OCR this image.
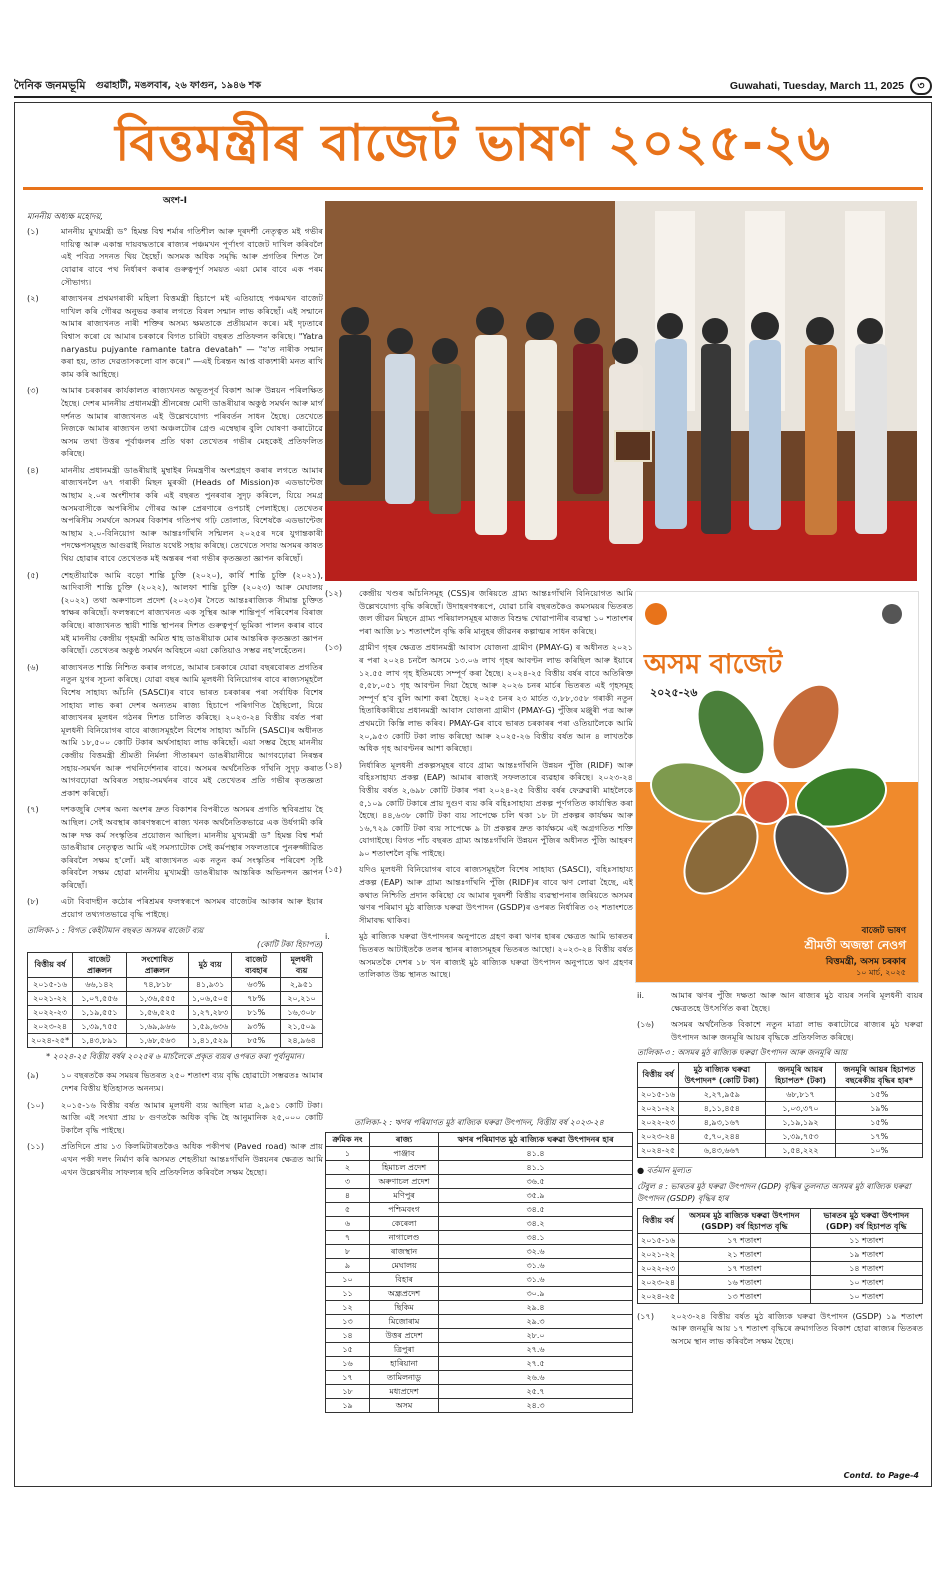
দৈনিক জনমভূমি গুৱাহাটী, মঙলবাৰ, ২৬ ফাগুন, ১৯৪৬ শক	Guwahati, Tuesday, March 11, 2025	৩
বিত্তমন্ত্ৰীৰ বাজেট ভাষণ ২০২৫-২৬
অংশ-I
মাননীয় অধ্যক্ষ মহোদয়,
(১)	মাননীয় মুখ্যমন্ত্ৰী ড° হিমন্ত বিশ্ব শৰ্মাৰ গতিশীল আৰু দূৰদৰ্শী নেতৃত্বত মই গভীৰ দায়িত্ব আৰু একান্ত দায়বদ্ধতাৰে ৰাজ্যৰ পঞ্চমখন পূৰ্ণাংগ বাজেট দাখিল কৰিবলৈ এই পবিত্ৰ সদনত থিয় হৈছোঁ। অসমক অধিক সমৃদ্ধি আৰু প্ৰগতিৰ দিশত লৈ যোৱাৰ বাবে পথ নিৰ্ধাৰণ কৰাৰ গুৰুত্বপূৰ্ণ সময়ত এয়া মোৰ বাবে এক পৰম সৌভাগ্য।
(২)	ৰাজ্যখনৰ প্ৰথমগৰাকী মহিলা বিত্তমন্ত্ৰী হিচাপে মই এতিয়াহে পঞ্চমখন বাজেট দাখিল কৰি গৌৰৱ অনুভৱ কৰাৰ লগতে বিৰল সন্মান লাভ কৰিছোঁ। এই সন্মানে আমাৰ ৰাজ্যখনত নাৰী শক্তিৰ অসম্য ক্ষমতাকে প্ৰতীয়মান কৰে। মই দৃঢ়তাৰে বিশ্বাস কৰো যে আমাৰ চৰকাৰে বিগত চাৰিটা বছৰত প্ৰতিফলন কৰিছে। "Yatra naryastu pujyante ramante tatra devatah" — "য'ত নাৰীক সন্মান কৰা হয়, তাত দেৱতাসকলো বাস কৰে।" —এই চিৰন্তন আপ্ত বাক্যশাৰী মনত ৰাখি কাম কৰি আহিছে।
(৩)	আমাৰ চৰকাৰৰ কাৰ্যকালত ৰাজ্যখনত অভূতপূৰ্ব বিকাশ আৰু উন্নয়ন পৰিলক্ষিত হৈছে। দেশৰ মাননীয় প্ৰধানমন্ত্ৰী শ্ৰীনৰেন্দ্ৰ মোদী ডাঙৰীয়াৰ অকুণ্ঠ সমৰ্থন আৰু মাৰ্গ দৰ্শনত আমাৰ ৰাজ্যখনত এই উল্লেখযোগ্য পৰিবৰ্তন সাধন হৈছে। তেখেতে নিজকে আমাৰ ৰাজ্যখন তথা অঞ্চলটোৰ গ্ৰেণ্ড এম্বেছাৰ বুলি ঘোষণা কৰাটোৱে অসম তথা উত্তৰ পূৰ্বাঞ্চলৰ প্ৰতি থকা তেখেতৰ গভীৰ মেহকেই প্ৰতিফলিত কৰিছে।
(৪)	মাননীয় প্ৰধানমন্ত্ৰী ডাঙৰীয়াই মুম্বাইৰ নিমন্ত্ৰণীৰ অংশগ্ৰহণ কৰাৰ লগতে আমাৰ ৰাজ্যখনলৈ ৬৭ গৰাকী মিছন মুৰব্বী (Heads of Mission)ক এডভান্টেজ আছাম ২.০ৰ অংশীদাৰ কৰি এই বছৰত পুনৰবাৰ সুদৃঢ় কৰিলে, যিয়ে সমগ্ৰ অসমবাসীকে অপৰিসীম গৌৰৱ আৰু প্ৰেৰণাৰে ওপচাই পেলাইছে। তেখেতৰ অপৰিসীম সমৰ্থনে অসমৰ বিকাশৰ গতিপথ গঢ়ি তোলাত, বিশেষকৈ এডভান্টেজ আছাম ২.০-বিনিয়োগ আৰু আন্তঃগাঁথনি সন্মিলন ২০২৫ৰ দৰে যুগান্তকাৰী পদক্ষেপসমূহত আগুৱাই নিয়াত যথেষ্ট সহায় কৰিছে। তেখেতে সদায় অসমৰ কাষত থিয় হোৱাৰ বাবে তেখেতক মই অন্তৰৰ পৰা গভীৰ কৃতজ্ঞতা জ্ঞাপন কৰিছোঁ।
(৫)	শেহতীয়াকৈ আমি বড়ো শান্তি চুক্তি (২০২০), কাৰ্বি শান্তি চুক্তি (২০২১), আদিবাসী শান্তি চুক্তি (২০২২), আলফা শান্তি চুক্তি (২০২৩) আৰু মেঘালয় (২০২২) তথা অৰুণাচল প্ৰদেশ (২০২৩)ৰ সৈতে আন্তঃৰাজ্যিক সীমান্ত চুক্তিত স্বাক্ষৰ কৰিছোঁ। ফলস্বৰূপে ৰাজ্যখনত এক সুস্থিৰ আৰু শান্তিপূৰ্ণ পৰিবেশৰ বিৰাজ কৰিছে। ৰাজ্যখনত স্থায়ী শান্তি স্থাপনৰ দিশত গুৰুত্বপূৰ্ণ ভূমিকা পালন কৰাৰ বাবে মই মাননীয় কেন্দ্ৰীয় গৃহমন্ত্ৰী অমিত শ্বাহ ডাঙৰীয়াক মোৰ আন্তৰিক কৃতজ্ঞতা জ্ঞাপন কৰিছোঁ। তেখেতৰ অকুণ্ঠ সমৰ্থন অবিহনে এয়া কেতিয়াও সম্ভৱ নহ'লহেঁতেন।
(৬)	ৰাজ্যখনত শান্তি নিশ্চিত কৰাৰ লগতে, আমাৰ চৰকাৰে যোৱা বছৰবোৰত প্ৰগতিৰ নতুন যুগৰ সূচনা কৰিছে। যোৱা বছৰ আমি মূলধনী বিনিয়োগৰ বাবে ৰাজ্যসমূহলৈ বিশেষ সাহায্য আঁচনি (SASCI)ৰ বাবে ভাৰত চৰকাৰৰ পৰা সৰ্বাধিক বিশেষ সাহায্য লাভ কৰা দেশৰ অন্যতম ৰাজ্য হিচাপে পৰিগণিত হৈছিলো, যিয়ে ৰাজ্যখনৰ মূলধন গঠনৰ দিশত চালিত কৰিছে। ২০২৩-২৪ বিত্তীয় বৰ্ষত পৰা মূলধনী বিনিয়োগৰ বাবে ৰাজ্যসমূহলৈ বিশেষ সাহায্য আঁচনি (SASCI)ৰ অধীনত আমি ১৮,৫০০ কোটি টকাৰ অৰ্থসাহায্য লাভ কৰিছোঁ। এয়া সম্ভৱ হৈছে মাননীয় কেন্দ্ৰীয় বিত্তমন্ত্ৰী শ্ৰীমতী নিৰ্মলা সীতাৰমণ ডাঙৰীয়ানীয়ে আগবঢ়োৱা নিৰন্তৰ সহায়-সমৰ্থন আৰু পথনিৰ্দেশনাৰ বাবে। অসমৰ অৰ্থনৈতিক গাঁথনি সুদৃঢ় কৰাত আগবঢ়োৱা অবিৰত সহায়-সমৰ্থনৰ বাবে মই তেখেতৰ প্ৰতি গভীৰ কৃতজ্ঞতা প্ৰকাশ কৰিছোঁ।
(৭)	দশকজুৰি দেশৰ অন্য অংশৰ দ্ৰুত বিকাশৰ বিপৰীতে অসমৰ প্ৰগতি স্থবিৰপ্ৰায় হৈ আছিল। সেই অবস্থাৰ কাৰণস্বৰূপে ৰাজ্য খনক অৰ্থনৈতিকভাৱে এক উৰ্ধগামী কৰি আৰু দক্ষ কৰ্ম সংস্কৃতিৰ প্ৰয়োজন আছিল। মাননীয় মুখ্যমন্ত্ৰী ড° হিমন্ত বিশ্ব শৰ্মা ডাঙৰীয়াৰ নেতৃত্বত আমি এই সমস্যাটোক সেই কৰ্মপন্থাৰ সফলতাৰে পুনৰুজ্জীৱিত কৰিবলৈ সক্ষম হ'লোঁ। মই ৰাজ্যখনত এক নতুন কৰ্ম সংস্কৃতিৰ পৰিবেশ সৃষ্টি কৰিবলৈ সক্ষম হোৱা মাননীয় মুখ্যমন্ত্ৰী ডাঙৰীয়াক আন্তৰিক অভিনন্দন জ্ঞাপন কৰিছোঁ।
(৮)	এটা বিবাদহীন কঠোৰ পৰিশ্ৰমৰ ফলস্বৰূপে অসমৰ বাজেটৰ আকাৰ আৰু ইয়াৰ প্ৰয়োগ তথ্যগতভাৱে বৃদ্ধি পাইছে।
তালিকা-১ : বিগত কেইটামান বছৰত অসমৰ বাজেট ব্যয়
(কোটি টকা হিচাপত)
বিত্তীয় বৰ্ষ	বাজেট প্ৰাক্কলন	সংশোধিত প্ৰাক্কলন	মুঠ ব্যয়	বাজেট ব্যবহাৰ	মূলধনী ব্যয়
২০১৫-১৬	৬৬,১৪২	৭৪,৮১৮	৪১,৯৩১	৬৩%	২,৯৫১
২০২১-২২	১,০৭,৫৫৬	১,৩৬,৫৫৫	১,০৬,৫০৫	৭৮%	২০,২১০
২০২২-২৩	১,১৯,৫৫১	১,৫৬,৫২৫	১,২৭,২৮৩	৮১%	১৬,৩০৮
২০২৩-২৪	১,৩৯,৭৫৫	১,৬৯,৯৬৬	১,৫৯,৬৩৬	৯৩%	২১,৫০৯
২০২৪-২৫*	১,৪৩,৮৯১	১,৬৮,৫৬৩	১,৪১,৫২৯	৮৫%	২৪,৯৬৪
* ২০২৪-২৫ বিত্তীয় বৰ্ষৰ ২০২৫ৰ ৬ মাৰ্চলৈকে প্ৰকৃত ব্যয়ৰ ওপৰত কৰা পূৰ্বানুমান।
(৯)	১০ বছৰতকৈ কম সময়ৰ ভিতৰত ২৫০ শতাংশ ব্যয় বৃদ্ধি হোৱাটো সম্ভৱতঃ আমাৰ দেশৰ বিত্তীয় ইতিহাসত অনন্যম।
(১০)	২০১৫-১৬ বিত্তীয় বৰ্ষত আমাৰ মূলধনী ব্যয় আছিল মাত্ৰ ২,৯৫১ কোটি টকা। আজি এই সংখ্যা প্ৰায় ৮ গুণতকৈ অধিক বৃদ্ধি হৈ আনুমানিক ২৫,০০০ কোটি টকালৈ বৃদ্ধি পাইছে।
(১১)	প্ৰতিদিনে প্ৰায় ১৩ কিলমিটাৰতকৈও অধিক পকীপথ (Paved road) আৰু প্ৰায় এখন পকী দলং নিৰ্মাণ কৰি অসমত শেহতীয়া আন্তঃগাঁথনি উন্নয়নৰ ক্ষেত্ৰত আমি এখন উল্লেখনীয় সাফল্যৰ ছবি প্ৰতিফলিত কৰিবলৈ সক্ষম হৈছো।
(১২)	কেন্দ্ৰীয় খণ্ডৰ আঁচনিসমূহ (CSS)ৰ জৰিয়তে গ্ৰাম্য আন্তঃগাঁথনি বিনিয়োগত আমি উল্লেখযোগ্য বৃদ্ধি কৰিছোঁ। উদাহৰণস্বৰূপে, যোৱা চাৰি বছৰতকৈও কমসময়ৰ ভিতৰত জল জীৱন মিছনে গ্ৰাম্য পৰিয়ালসমূহৰ মাজত বিশুদ্ধ খোৱাপানীৰ ব্যৱস্থা ১০ শতাংশৰ পৰা আজি ৮১ শতাংশলৈ বৃদ্ধি কৰি মানুহৰ জীৱনৰ কল্পাত্মৰ সাধন কৰিছে।
(১৩)	গ্ৰামীণ গৃহৰ ক্ষেত্ৰত প্ৰধানমন্ত্ৰী আবাস যোজনা গ্ৰামীণ (PMAY-G) ৰ অধীনত ২০২১ ৰ পৰা ২০২৪ চনলৈ অসমে ১৩.০৬ লাখ গৃহৰ আবণ্টন লাভ কৰিছিল আৰু ইয়াৰে ১২.৫৫ লাখ গৃহ ইতিমধ্যে সম্পূৰ্ণ কৰা হৈছে। ২০২৪-২৫ বিত্তীয় বৰ্ষৰ বাবে অতিৰিক্ত ৫,৫৮,০৫১ গৃহ আবণ্টন দিয়া হৈছে আৰু ২০২৬ চনৰ মাৰ্চৰ ভিতৰত এই গৃহসমূহ সম্পূৰ্ণ হ'ব বুলি আশা কৰা হৈছে। ২০২৫ চনৰ ২৩ মাৰ্চত ৩,৮৮,৩৫৮ গৰাকী নতুন হিতাধিকাৰীয়ে প্ৰধানমন্ত্ৰী আবাস যোজনা গ্ৰামীণ (PMAY-G) পুঁজিৰ মঞ্জুৰী পত্ৰ আৰু প্ৰথমটো কিস্তি লাভ কৰিব। PMAY-Gৰ বাবে ভাৰত চৰকাৰৰ পৰা ওতিয়ালৈকে আমি ২০,৯৫৩ কোটি টকা লাভ কৰিছো আৰু ২০২৫-২৬ বিত্তীয় বৰ্ষত আন ৪ লাখতকৈ অধিক গৃহ আবণ্টনৰ আশা কৰিছো।
(১৪)	নিৰ্ধাৰিত মূলধনী প্ৰকল্পসমূহৰ বাবে গ্ৰাম্য আন্তঃগাঁথনি উন্নয়ন পুঁজি (RIDF) আৰু বহিঃসাহায্য প্ৰকল্প (EAP) আমাৰ ৰাজ্যই সফলতাৰে ব্যৱহাৰ কৰিছে। ২০২৩-২৪ বিত্তীয় বৰ্ষত ২,৬৯৮ কোটি টকাৰ পৰা ২০২৪-২৫ বিত্তীয় বৰ্ষৰ ফেব্ৰুৱাৰী মাহলৈকে ৫,১০৯ কোটি টকাৰে প্ৰায় দুগুণ ব্যয় কৰি বহিঃসাহায্য প্ৰকল্প পূৰ্ণগতিত কাৰ্যান্বিত কৰা হৈছে। ৪৪,৬৩৮ কোটি টকা ব্যয় সাপেক্ষে চলি থকা ১৮ টা প্ৰকল্পৰ কাৰ্যক্ষম আৰু ১৬,৭২৯ কোটি টকা ব্যয় সাপেক্ষে ৯ টা প্ৰকল্পৰ দ্ৰুত কাৰ্যক্ষমে এই অগ্ৰগতিত শক্তি যোগাইছে। বিগত পাঁচ বছৰত গ্ৰাম্য আন্তঃগাঁথনি উন্নয়ন পুঁজিৰ অধীনত পুঁজি আহৰণ ৯০ শতাংশলৈ বৃদ্ধি পাইছে।
(১৫)	যদিও মূলধনী বিনিয়োগৰ বাবে ৰাজ্যসমূহলৈ বিশেষ সাহায্য (SASCI), বহিঃসাহায্য প্ৰকল্প (EAP) আৰু গ্ৰাম্য আন্তঃগাঁথনি পুঁজি (RIDF)ৰ বাবে ঋণ লোৱা হৈছে, এই কথাত নিশ্চিতি প্ৰদান কৰিছো যে আমাৰ দুৰদৰ্শী বিত্তীয় ব্যৱস্থাপনাৰ জৰিয়তে অসমৰ ঋণৰ পৰিমাণ মুঠ ৰাজ্যিক ঘৰুৱা উৎপাদন (GSDP)ৰ ওপৰত নিৰ্ধাৰিত ৩২ শতাংশতে সীমাবদ্ধ থাকিব।
i.	মুঠ ৰাজ্যিক ঘৰুৱা উৎপাদনৰ অনুপাতে গ্ৰহণ কৰা ঋণৰ হাৰৰ ক্ষেত্ৰত আমি ভাৰতৰ ভিতৰত আটাইতকৈ তলৰ স্থানৰ ৰাজ্যসমূহৰ ভিতৰত আছো। ২০২৩-২৪ বিত্তীয় বৰ্ষত অসমতকৈ দেশৰ ১৮ খন ৰাজ্যই মুঠ ৰাজ্যিক ঘৰুৱা উৎপাদন অনুপাতে ঋণ গ্ৰহণৰ তালিকাত উচ্চ স্থানত আছে।
তালিকা-২ : ঋণৰ পৰিমাণত মুঠ ৰাজ্যিক ঘৰুৱা উৎপাদন, বিত্তীয় বৰ্ষ ২০২৩-২৪
ক্ৰমিক নং	ৰাজ্য	ঋণৰ পৰিমাণত মুঠ ৰাজ্যিক ঘৰুৱা উৎপাদনৰ হাৰ
১	পাঞ্জাব	৪১.৪
২	হিমাচল প্ৰদেশ	৪১.১
৩	অৰুণাচল প্ৰদেশ	৩৬.৫
৪	মণিপুৰ	৩৫.৯
৫	পশ্চিমবংগ	৩৪.৫
৬	কেৰেলা	৩৪.২
৭	নাগালেণ্ড	৩৪.১
৮	ৰাজস্থান	৩২.৬
৯	মেঘালয়	৩১.৬
১০	বিহাৰ	৩১.৬
১১	অন্ধ্ৰপ্ৰদেশ	৩০.৯
১২	ছিকিম	২৯.৪
১৩	মিজোৰাম	২৯.৩
১৪	উত্তৰ প্ৰদেশ	২৮.০
১৫	ত্ৰিপুৰা	২৭.৬
১৬	হাৰিয়ানা	২৭.৫
১৭	তামিলনাডু	২৬.৬
১৮	মধ্যপ্ৰদেশ	২৫.৭
১৯	অসম	২৪.৩
অসম বাজেট
২০২৫-২৬
বাজেট ভাষণ
শ্ৰীমতী অজন্তা নেওগ
বিত্তমন্ত্ৰী, অসম চৰকাৰ
১০ মাৰ্চ, ২০২৫
ii.	আমাৰ ঋণৰ পুঁজি দক্ষতা আৰু আন ৰাজ্যৰ মুঠ ব্যয়ৰ সনৰি মূলধনী ব্যয়ৰ ক্ষেত্ৰতহে উৎসৰ্গিত কৰা হৈছে।
(১৬)	অসমৰ অৰ্থনৈতিক বিকাশে নতুন মাত্ৰা লাভ কৰাটোৱে ৰাজ্যৰ মুঠ ঘৰুৱা উৎপাদন আৰু জনমূৰি আয়ৰ বৃদ্ধিকে প্ৰতিফলিত কৰিছে।
তালিকা-৩ : অসমৰ মুঠ ৰাজ্যিক ঘৰুৱা উৎপাদন আৰু জনমূৰি আয়
বিত্তীয় বৰ্ষ	মুঠ ৰাজ্যিক ঘৰুৱা উৎপাদন* (কোটি টকা)	জনমূৰি আয়ৰ হিচাপত* (টকা)	জনমূৰি আয়ৰ হিচাপত বছৰেকীয় বৃদ্ধিৰ হাৰ*
২০১৫-১৬	২,২৭,৯৫৯	৬৮,৮১৭	১৫%
২০২১-২২	৪,১১,৪৫৪	১,০৩,৩৭০	১৯%
২০২২-২৩	৪,৯৩,১৬৭	১,১৯,১৯২	১৫%
২০২৩-২৪	৫,৭০,২৪৪	১,৩৯,৭৫৩	১৭%
২০২৪-২৫	৬,৪৩,৬৬৭	১,৫৪,২২২	১০%
● বৰ্তমান মূল্যত
টেবুল ৪ : ভাৰতৰ মুঠ ঘৰুৱা উৎপাদন (GDP) বৃদ্ধিৰ তুলনাত অসমৰ মুঠ ৰাজ্যিক ঘৰুৱা উৎপাদন (GSDP) বৃদ্ধিৰ হাৰ
বিত্তীয় বৰ্ষ	অসমৰ মুঠ ৰাজ্যিক ঘৰুৱা উৎপাদন (GSDP) বৰ্ষ হিচাপত বৃদ্ধি	ভাৰতৰ মুঠ ঘৰুৱা উৎপাদন (GDP) বৰ্ষ হিচাপত বৃদ্ধি
২০১৫-১৬	১৭ শতাংশ	১১ শতাংশ
২০২১-২২	২১ শতাংশ	১৯ শতাংশ
২০২২-২৩	১৭ শতাংশ	১৪ শতাংশ
২০২৩-২৪	১৬ শতাংশ	১০ শতাংশ
২০২৪-২৫	১৩ শতাংশ	১০ শতাংশ
(১৭)	২০২৩-২৪ বিত্তীয় বৰ্ষত মুঠ ৰাজ্যিক ঘৰুৱা উৎপাদন (GSDP) ১৯ শতাংশ আৰু জনমূৰি আয় ১৭ শতাংশ বৃদ্ধিৰে ক্ৰমাগতিত বিকাশ হোৱা ৰাজ্যৰ ভিতৰত অসমে স্থান লাভ কৰিবলৈ সক্ষম হৈছে।
Contd. to Page-4
